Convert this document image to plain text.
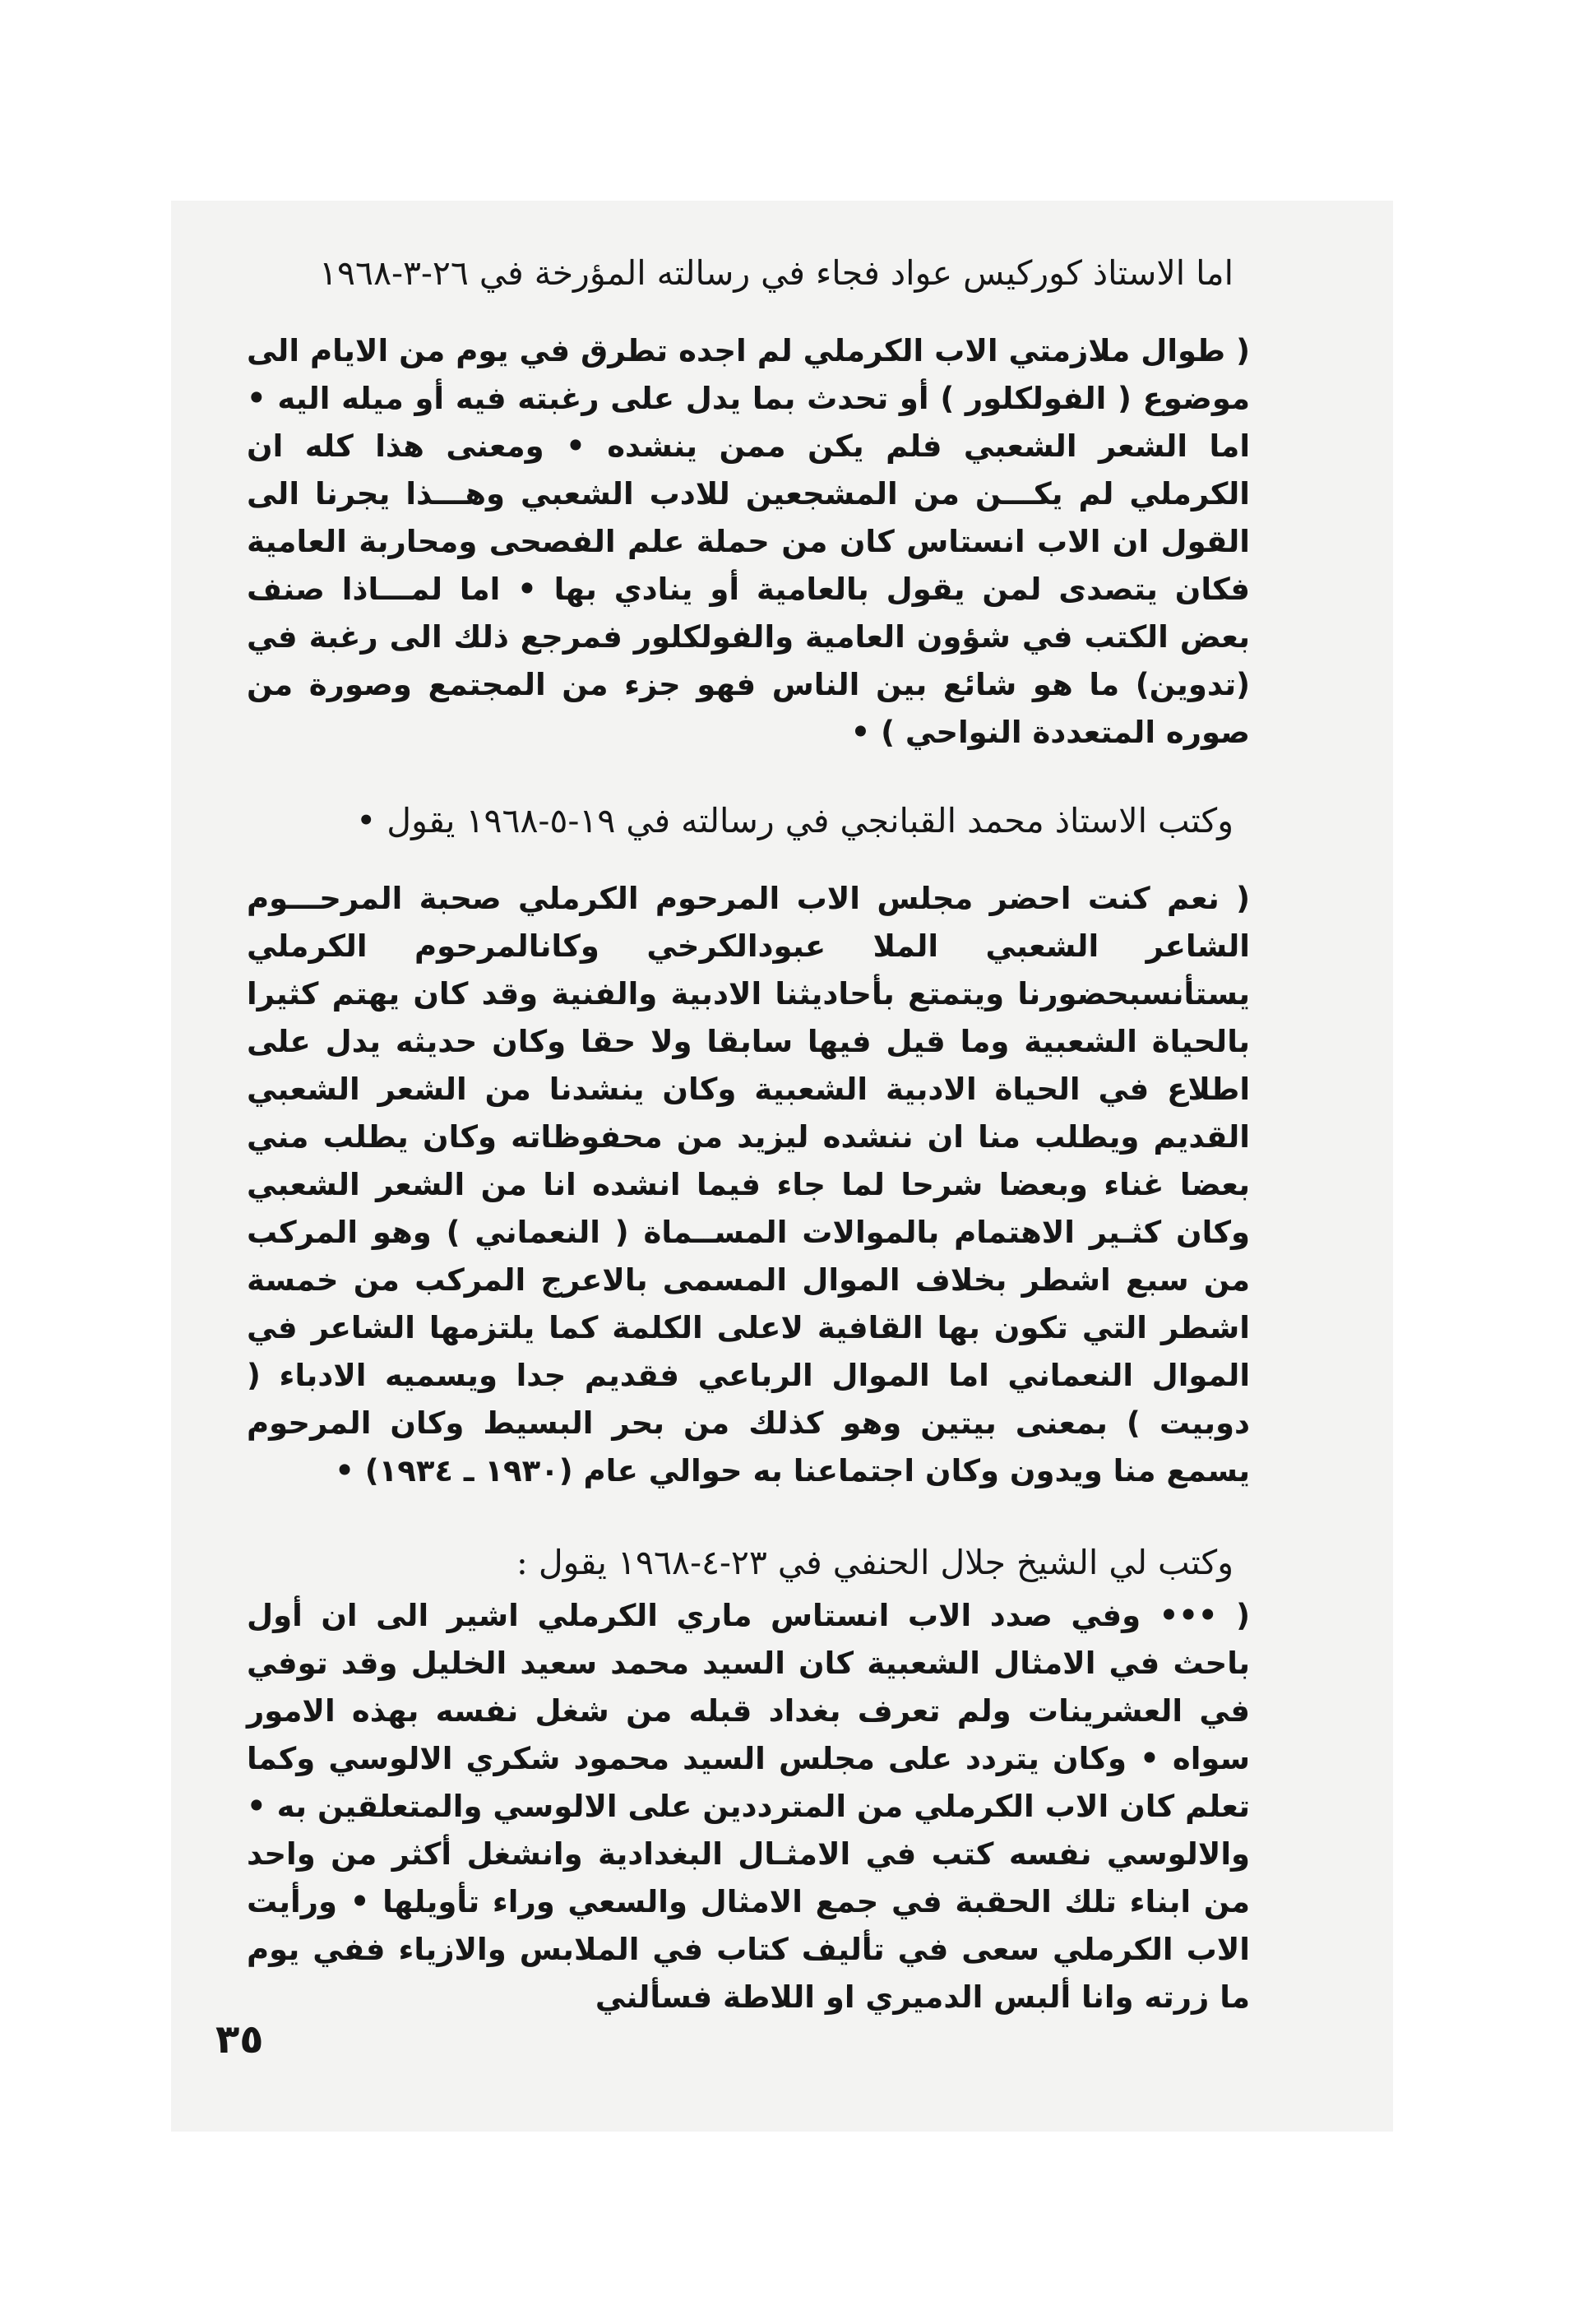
اما الاستاذ كوركيس عواد فجاء في رسالته المؤرخة في ٢٦-٣-١٩٦٨

( طوال ملازمتي الاب الكرملي لم اجده تطرق في يوم من الايام الى موضوع ( الفولكلور ) أو تحدث بما يدل على رغبته فيه أو ميله اليه • اما الشعر الشعبي فلم يكن ممن ينشده • ومعنى هذا كله ان الكرملي لم يكـــن من المشجعين للادب الشعبي وهـــذا يجرنا الى القول ان الاب انستاس كان من حملة علم الفصحى ومحاربة العامية فكان يتصدى لمن يقول بالعامية أو ينادي بها • اما لمـــاذا صنف بعض الكتب في شؤون العامية والفولكلور فمرجع ذلك الى رغبة في (تدوين) ما هو شائع بين الناس فهو جزء من المجتمع وصورة من صوره المتعددة النواحي ) •

وكتب الاستاذ محمد القبانجي في رسالته في ١٩-٥-١٩٦٨ يقول •

( نعم كنت احضر مجلس الاب المرحوم الكرملي صحبة المرحـــوم الشاعر الشعبي الملا عبودالكرخي وكانالمرحوم الكرملي يستأنسبحضورنا ويتمتع بأحاديثنا الادبية والفنية وقد كان يهتم كثيرا بالحياة الشعبية وما قيل فيها سابقا ولا حقا وكان حديثه يدل على اطلاع في الحياة الادبية الشعبية وكان ينشدنا من الشعر الشعبي القديم ويطلب منا ان ننشده ليزيد من محفوظاته وكان يطلب مني بعضا غناء وبعضا شرحا لما جاء فيما انشده انا من الشعر الشعبي وكان كثـير الاهتمام بالموالات المســماة ( النعماني ) وهو المركب من سبع اشطر بخلاف الموال المسمى بالاعرج المركب من خمسة اشطر التي تكون بها القافية لاعلى الكلمة كما يلتزمها الشاعر في الموال النعماني اما الموال الرباعي فقديم جدا ويسميه الادباء ( دوبيت ) بمعنى بيتين وهو كذلك من بحر البسيط وكان المرحوم يسمع منا ويدون وكان اجتماعنا به حوالي عام (١٩٣٠ ـ ١٩٣٤) •

وكتب لي الشيخ جلال الحنفي في ٢٣-٤-١٩٦٨ يقول :

( ••• وفي صدد الاب انستاس ماري الكرملي اشير الى ان أول باحث في الامثال الشعبية كان السيد محمد سعيد الخليل وقد توفي في العشرينات ولم تعرف بغداد قبله من شغل نفسه بهذه الامور سواه • وكان يتردد على مجلس السيد محمود شكري الالوسي وكما تعلم كان الاب الكرملي من المترددين على الالوسي والمتعلقين به • والالوسي نفسه كتب في الامثـال البغدادية وانشغل أكثر من واحد من ابناء تلك الحقبة في جمع الامثال والسعي وراء تأويلها • ورأيت الاب الكرملي سعى في تأليف كتاب في الملابس والازياء ففي يوم ما زرته وانا ألبس الدميري او اللاطة فسألني

٣٥
